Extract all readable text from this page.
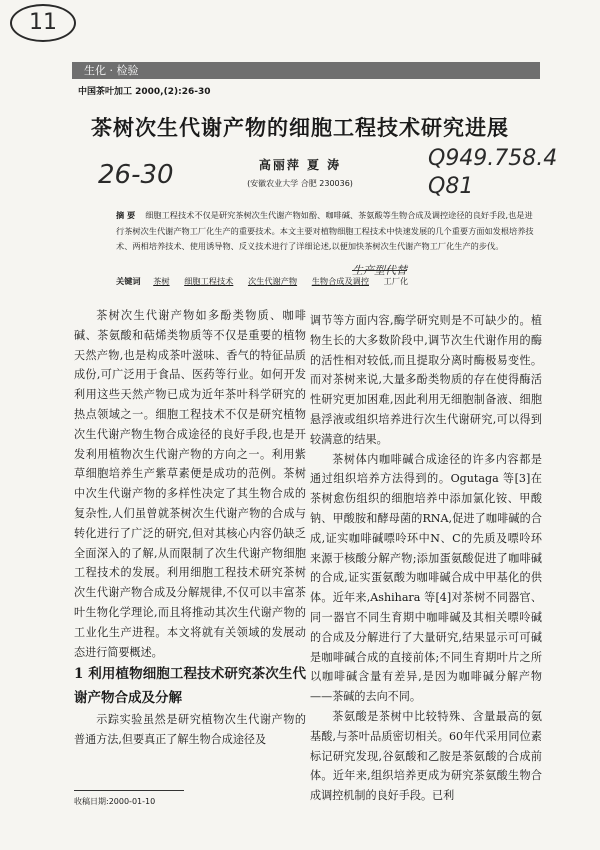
11
生化 · 检验
中国茶叶加工 2000,(2):26-30
茶树次生代谢产物的细胞工程技术研究进展
26-30
Q949.758.4
Q81
高丽萍 夏 涛
(安徽农业大学 合肥 230036)
摘 要 细胞工程技术不仅是研究茶树次生代谢产物如酚、咖啡碱、茶氨酸等生物合成及调控途径的良好手段,也是进行茶树次生代谢产物工厂化生产的重要技术。本文主要对植物细胞工程技术中快速发展的几个重要方面如发根培养技术、两相培养技术、使用诱导物、反义技术进行了详细论述,以便加快茶树次生代谢产物工厂化生产的步伐。
生产型代替
关键词 茶树 细胞工程技术 次生代谢产物 生物合成及调控 工厂化

茶树次生代谢产物如多酚类物质、咖啡碱、茶氨酸和萜烯类物质等不仅是重要的植物天然产物,也是构成茶叶滋味、香气的特征品质成份,可广泛用于食品、医药等行业。如何开发利用这些天然产物已成为近年茶叶科学研究的热点领域之一。细胞工程技术不仅是研究植物次生代谢产物生物合成途径的良好手段,也是开发利用植物次生代谢产物的方向之一。利用紫草细胞培养生产紫草素便是成功的范例。茶树中次生代谢产物的多样性决定了其生物合成的复杂性,人们虽曾就茶树次生代谢产物的合成与转化进行了广泛的研究,但对其核心内容仍缺乏全面深入的了解,从而限制了次生代谢产物细胞工程技术的发展。利用细胞工程技术研究茶树次生代谢产物合成及分解规律,不仅可以丰富茶叶生物化学理论,而且将推动其次生代谢产物的工业化生产进程。本文将就有关领域的发展动态进行简要概述。

1 利用植物细胞工程技术研究茶次生代谢产物合成及分解

示踪实验虽然是研究植物次生代谢产物的普通方法,但要真正了解生物合成途径及

调节等方面内容,酶学研究则是不可缺少的。植物生长的大多数阶段中,调节次生代谢作用的酶的活性相对较低,而且提取分离时酶极易变性。而对茶树来说,大量多酚类物质的存在使得酶活性研究更加困难,因此利用无细胞制备液、细胞悬浮液或组织培养进行次生代谢研究,可以得到较满意的结果。

茶树体内咖啡碱合成途径的许多内容都是通过组织培养方法得到的。Ogutaga 等[3]在茶树愈伤组织的细胞培养中添加氯化铵、甲酸钠、甲酸胺和酵母菌的RNA,促进了咖啡碱的合成,证实咖啡碱嘌呤环中N、C的先质及嘌呤环来源于核酸分解产物;添加蛋氨酸促进了咖啡碱的合成,证实蛋氨酸为咖啡碱合成中甲基化的供体。近年来,Ashihara 等[4]对茶树不同器官、同一器官不同生育期中咖啡碱及其相关嘌呤碱的合成及分解进行了大量研究,结果显示可可碱是咖啡碱合成的直接前体;不同生育期叶片之所以咖啡碱含量有差异,是因为咖啡碱分解产物——茶碱的去向不同。

茶氨酸是茶树中比较特殊、含量最高的氨基酸,与茶叶品质密切相关。60年代采用同位素标记研究发现,谷氨酸和乙胺是茶氨酸的合成前体。近年来,组织培养更成为研究茶氨酸生物合成调控机制的良好手段。已利

收稿日期:2000-01-10
